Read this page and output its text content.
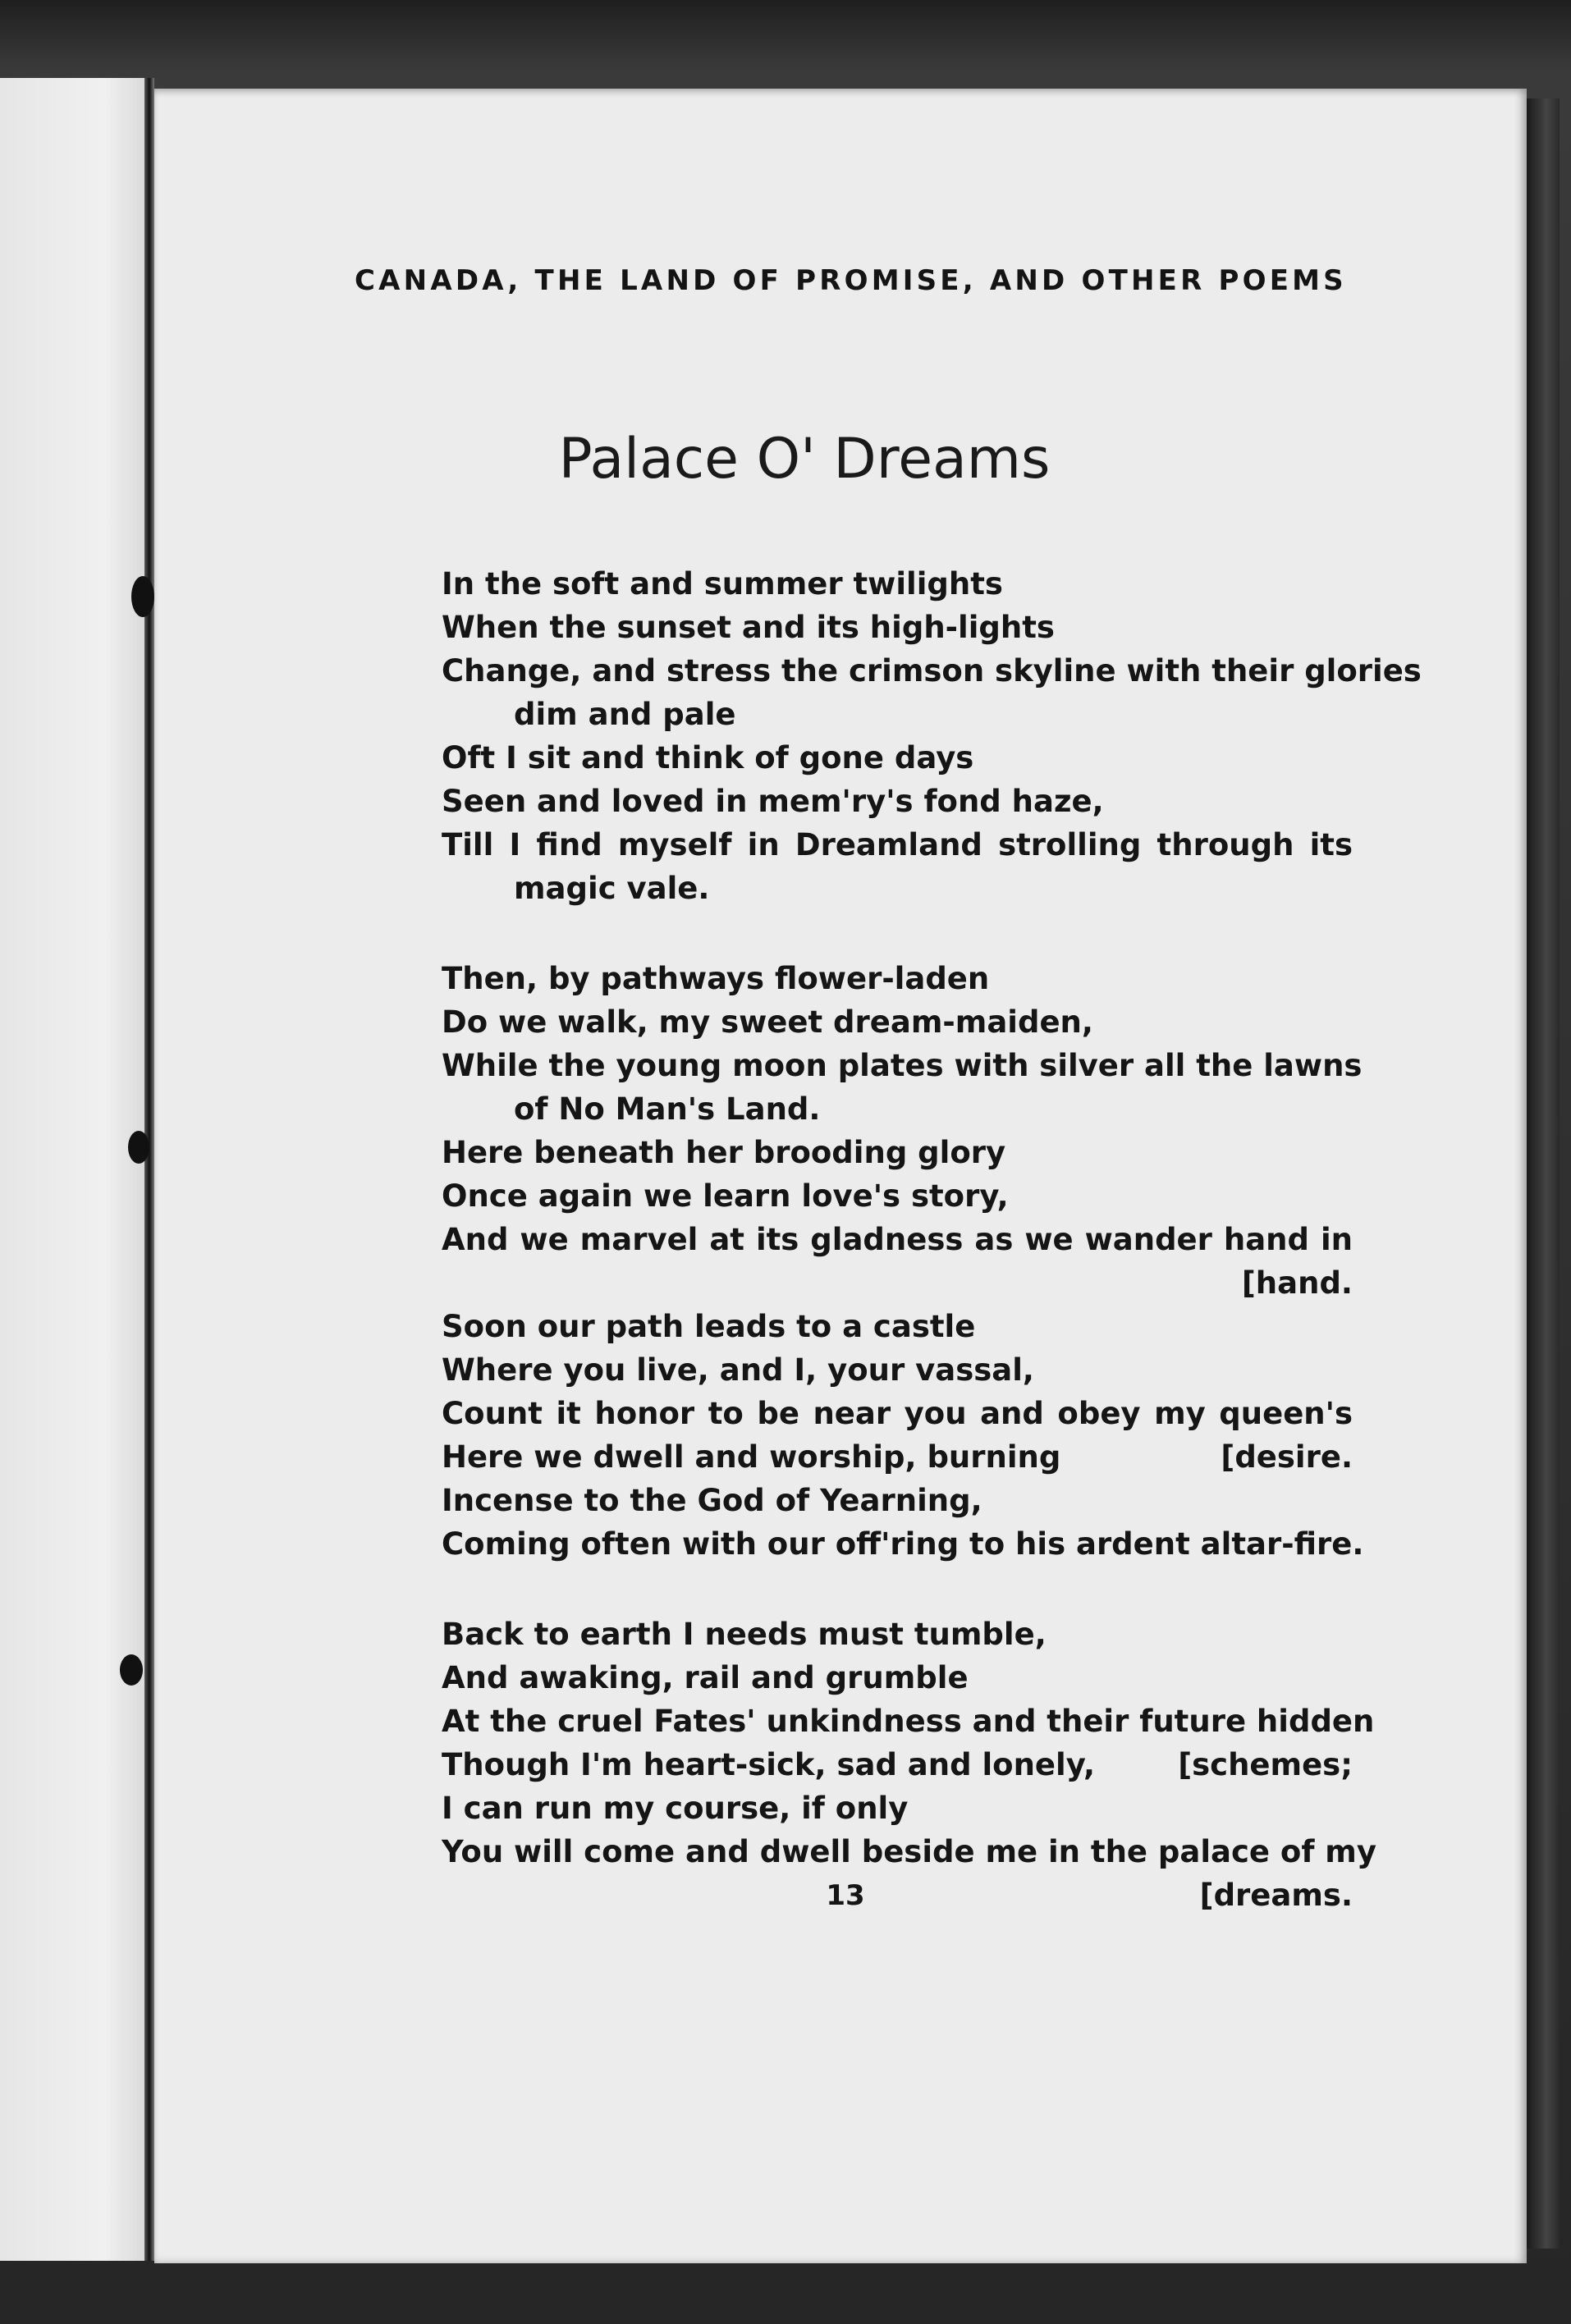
CANADA, THE LAND OF PROMISE, AND OTHER POEMS
Palace O' Dreams
In the soft and summer twilights
When the sunset and its high-lights
Change, and stress the crimson skyline with their glories
dim and pale
Oft I sit and think of gone days
Seen and loved in mem'ry's fond haze,
Till I find myself in Dreamland strolling through its
magic vale.
Then, by pathways flower-laden
Do we walk, my sweet dream-maiden,
While the young moon plates with silver all the lawns
of No Man's Land.
Here beneath her brooding glory
Once again we learn love's story,
And we marvel at its gladness as we wander hand in
[hand.
Soon our path leads to a castle
Where you live, and I, your vassal,
Count it honor to be near you and obey my queen's
Here we dwell and worship, burning	[desire.
Incense to the God of Yearning,
Coming often with our off'ring to his ardent altar-fire.
Back to earth I needs must tumble,
And awaking, rail and grumble
At the cruel Fates' unkindness and their future hidden
Though I'm heart-sick, sad and lonely,	[schemes;
I can run my course, if only
You will come and dwell beside me in the palace of my
[dreams.
13
